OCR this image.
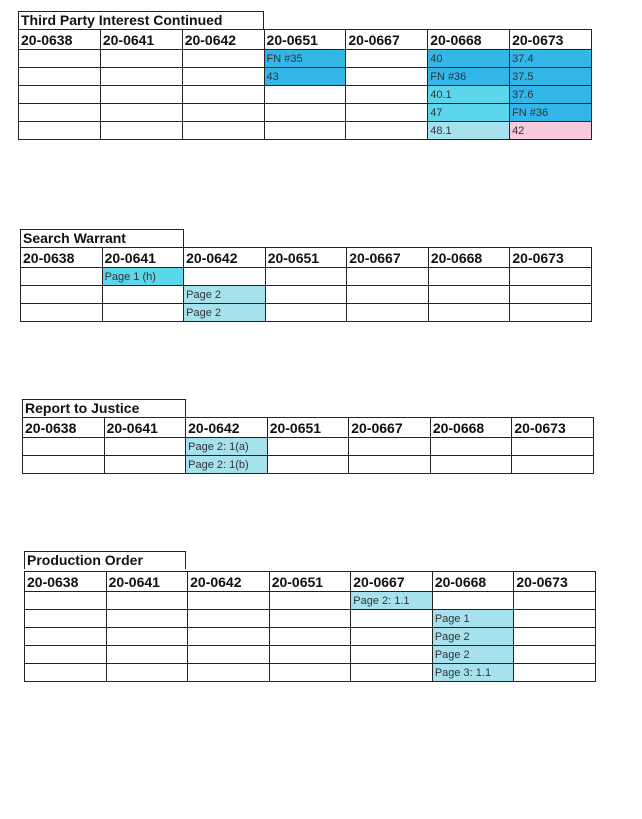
Third Party Interest Continued
20-0638	20-0641	20-0642	20-0651	20-0667	20-0668	20-0673
			FN #35		40	37.4
			43		FN #36	37.5
					40.1	37.6
					47	FN #36
					48.1	42
Search Warrant
20-0638	20-0641	20-0642	20-0651	20-0667	20-0668	20-0673
	Page 1 (h)					
		Page 2				
		Page 2				
Report to Justice
20-0638	20-0641	20-0642	20-0651	20-0667	20-0668	20-0673
		Page 2: 1(a)				
		Page 2: 1(b)				
Production Order
20-0638	20-0641	20-0642	20-0651	20-0667	20-0668	20-0673
				Page 2: 1.1		
					Page 1	
					Page 2	
					Page 2	
					Page 3: 1.1	
